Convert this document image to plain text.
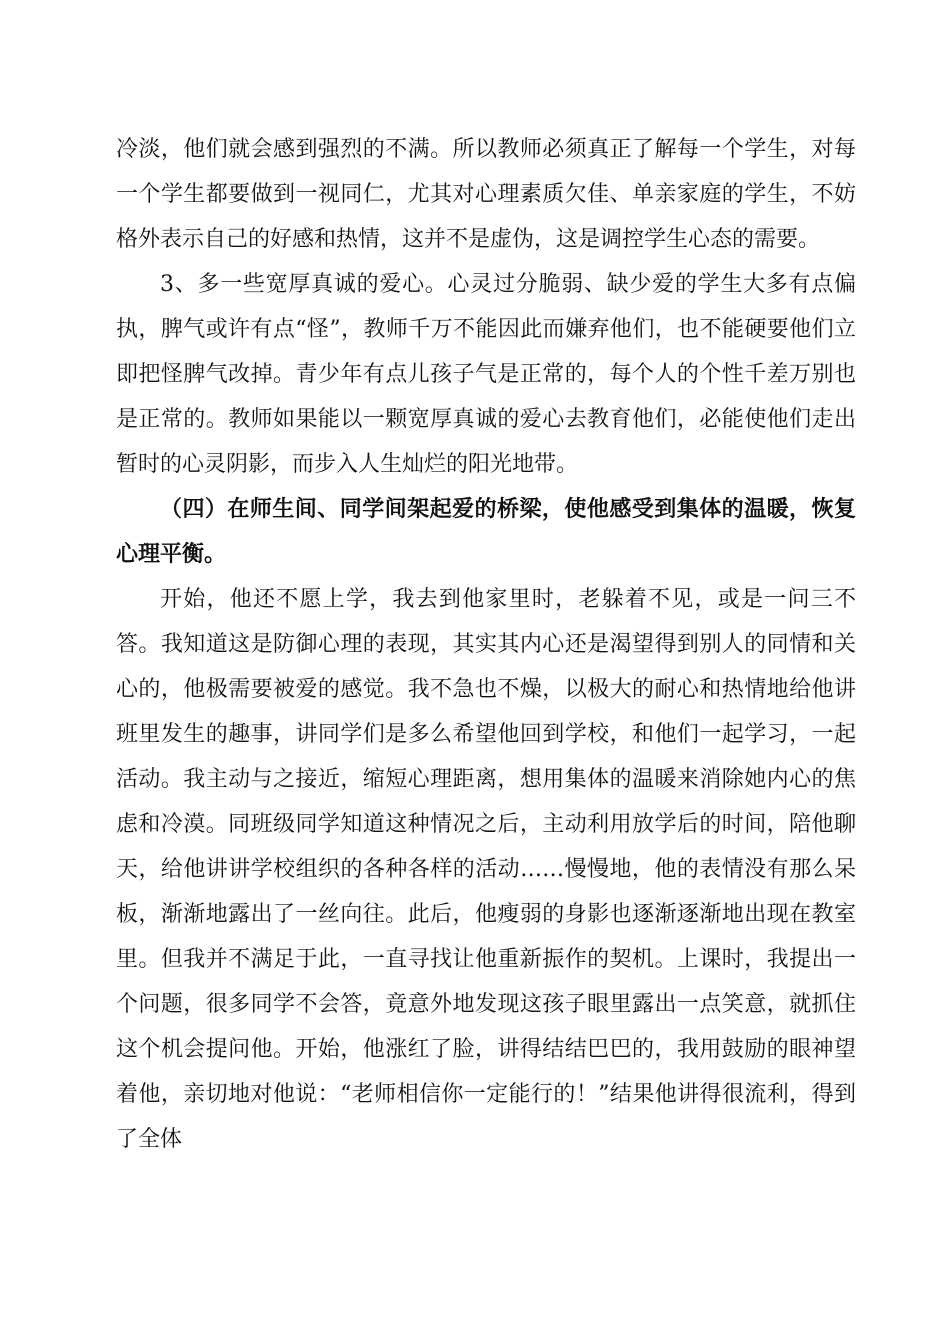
冷淡，他们就会感到强烈的不满。所以教师必须真正了解每一个学生，对每一个学生都要做到一视同仁，尤其对心理素质欠佳、单亲家庭的学生，不妨格外表示自己的好感和热情，这并不是虚伪，这是调控学生心态的需要。

3、多一些宽厚真诚的爱心。心灵过分脆弱、缺少爱的学生大多有点偏执，脾气或许有点“怪”，教师千万不能因此而嫌弃他们，也不能硬要他们立即把怪脾气改掉。青少年有点儿孩子气是正常的，每个人的个性千差万别也是正常的。教师如果能以一颗宽厚真诚的爱心去教育他们，必能使他们走出暂时的心灵阴影，而步入人生灿烂的阳光地带。

（四）在师生间、同学间架起爱的桥梁，使他感受到集体的温暖，恢复心理平衡。

开始，他还不愿上学，我去到他家里时，老躲着不见，或是一问三不答。我知道这是防御心理的表现，其实其内心还是渴望得到别人的同情和关心的，他极需要被爱的感觉。我不急也不燥，以极大的耐心和热情地给他讲班里发生的趣事，讲同学们是多么希望他回到学校，和他们一起学习，一起活动。我主动与之接近，缩短心理距离，想用集体的温暖来消除她内心的焦虑和冷漠。同班级同学知道这种情况之后，主动利用放学后的时间，陪他聊天，给他讲讲学校组织的各种各样的活动……慢慢地，他的表情没有那么呆板，渐渐地露出了一丝向往。此后，他瘦弱的身影也逐渐逐渐地出现在教室里。但我并不满足于此，一直寻找让他重新振作的契机。上课时，我提出一个问题，很多同学不会答，竟意外地发现这孩子眼里露出一点笑意，就抓住这个机会提问他。开始，他涨红了脸，讲得结结巴巴的，我用鼓励的眼神望着他，亲切地对他说：“老师相信你一定能行的！”结果他讲得很流利，得到了全体
